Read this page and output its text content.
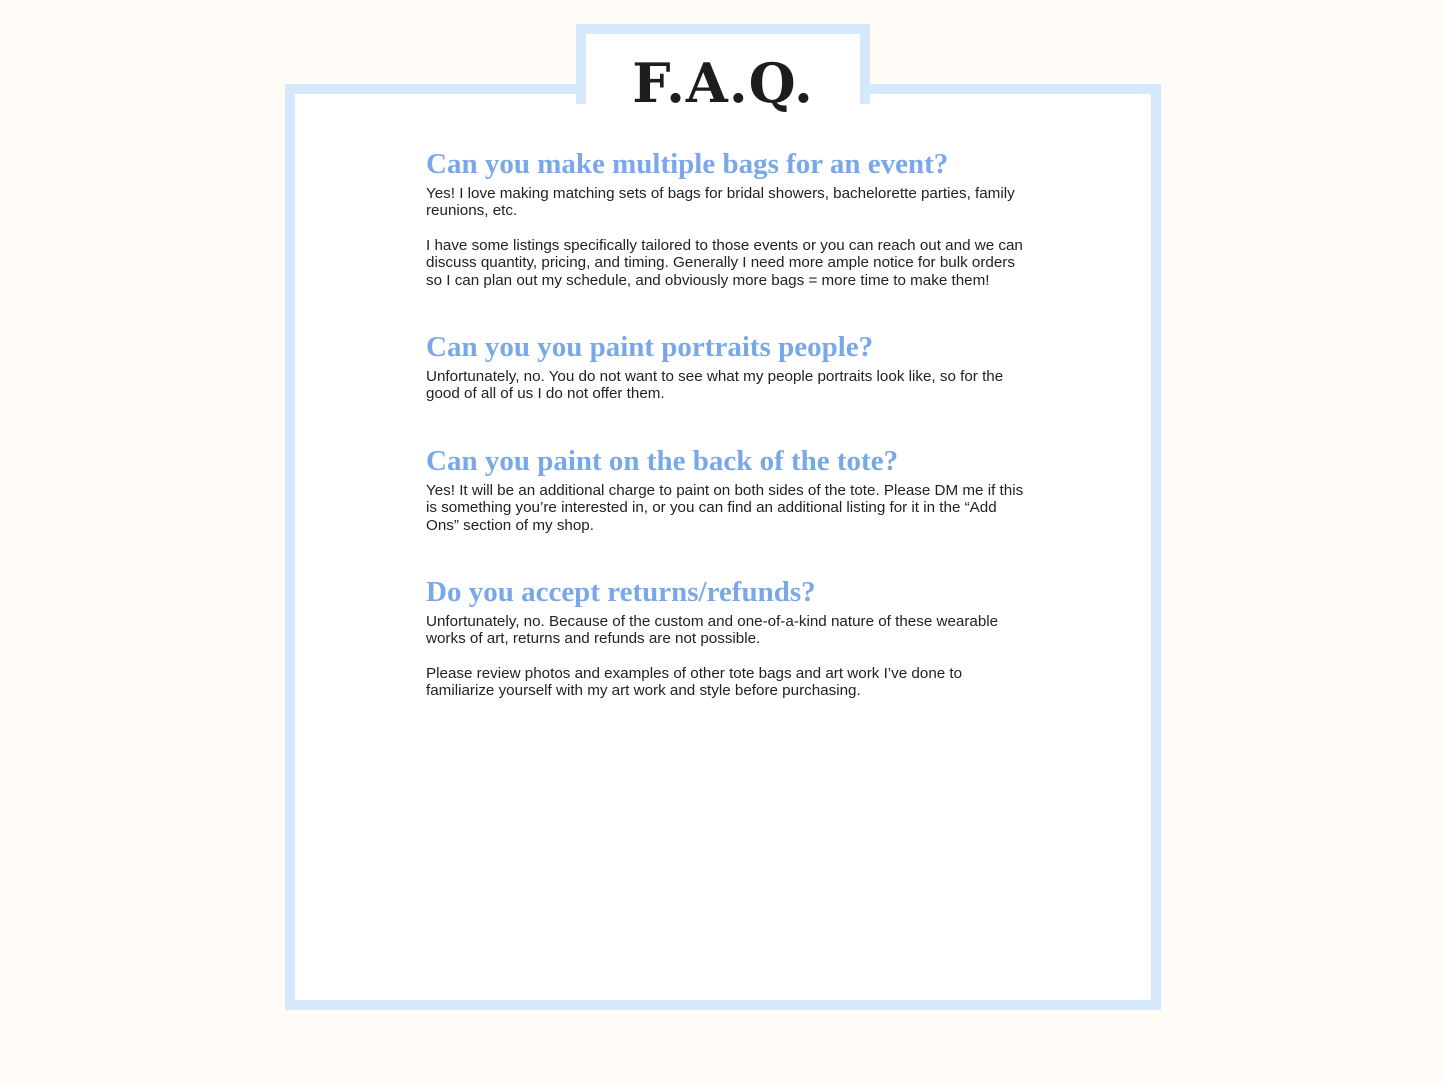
F.A.Q.
Can you make multiple bags for an event?

Yes! I love making matching sets of bags for bridal showers, bachelorette parties, family reunions, etc.

I have some listings specifically tailored to those events or you can reach out and we can discuss quantity, pricing, and timing. Generally I need more ample notice for bulk orders so I can plan out my schedule, and obviously more bags = more time to make them!

Can you you paint portraits people?

Unfortunately, no. You do not want to see what my people portraits look like, so for the good of all of us I do not offer them.

Can you paint on the back of the tote?

Yes! It will be an additional charge to paint on both sides of the tote. Please DM me if this is something you’re interested in, or you can find an additional listing for it in the “Add Ons” section of my shop.

Do you accept returns/refunds?

Unfortunately, no. Because of the custom and one-of-a-kind nature of these wearable works of art, returns and refunds are not possible.

Please review photos and examples of other tote bags and art work I’ve done to familiarize yourself with my art work and style before purchasing.
